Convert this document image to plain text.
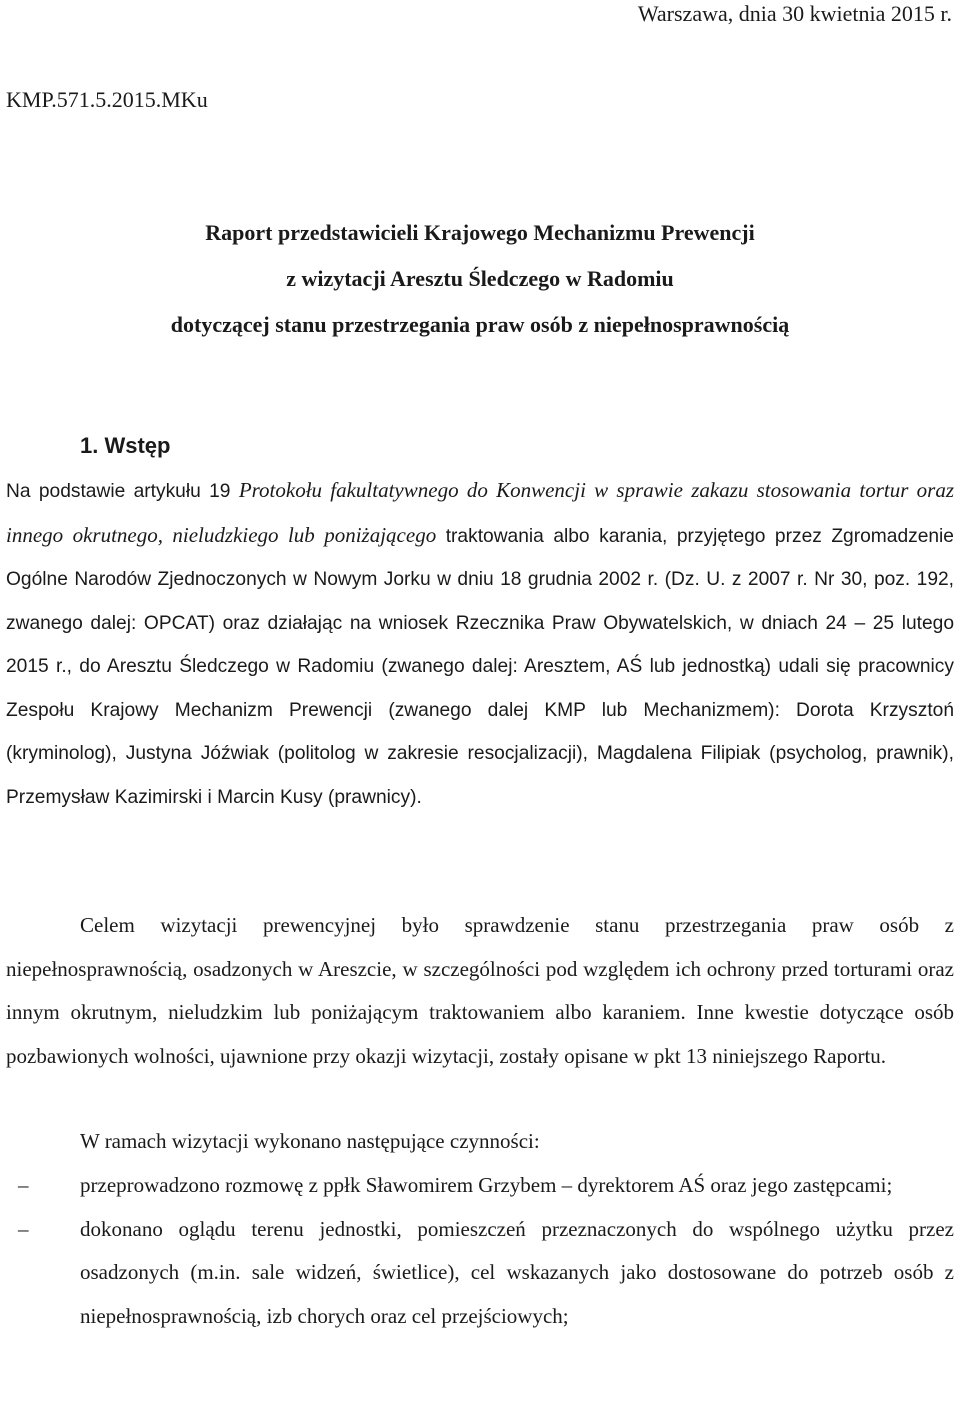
Warszawa, dnia 30 kwietnia 2015 r.
KMP.571.5.2015.MKu
Raport przedstawicieli Krajowego Mechanizmu Prewencji
z wizytacji Aresztu Śledczego w Radomiu
dotyczącej stanu przestrzegania praw osób z niepełnosprawnością
1. Wstęp

Na podstawie artykułu 19 Protokołu fakultatywnego do Konwencji w sprawie zakazu stosowania tortur oraz innego okrutnego, nieludzkiego lub poniżającego traktowania albo karania, przyjętego przez Zgromadzenie Ogólne Narodów Zjednoczonych w Nowym Jorku w dniu 18 grudnia 2002 r. (Dz. U. z 2007 r. Nr 30, poz. 192, zwanego dalej: OPCAT) oraz działając na wniosek Rzecznika Praw Obywatelskich, w dniach 24 – 25 lutego 2015 r., do Aresztu Śledczego w Radomiu (zwanego dalej: Aresztem, AŚ lub jednostką) udali się pracownicy Zespołu Krajowy Mechanizm Prewencji (zwanego dalej KMP lub Mechanizmem): Dorota Krzysztoń (kryminolog), Justyna Jóźwiak (politolog w zakresie resocjalizacji), Magdalena Filipiak (psycholog, prawnik), Przemysław Kazimirski i Marcin Kusy (prawnicy).

Celem wizytacji prewencyjnej było sprawdzenie stanu przestrzegania praw osób z niepełnosprawnością, osadzonych w Areszcie, w szczególności pod względem ich ochrony przed torturami oraz innym okrutnym, nieludzkim lub poniżającym traktowaniem albo karaniem. Inne kwestie dotyczące osób pozbawionych wolności, ujawnione przy okazji wizytacji, zostały opisane w pkt 13 niniejszego Raportu.

W ramach wizytacji wykonano następujące czynności:

– przeprowadzono rozmowę z ppłk Sławomirem Grzybem – dyrektorem AŚ oraz jego zastępcami;
– dokonano oglądu terenu jednostki, pomieszczeń przeznaczonych do wspólnego użytku przez osadzonych (m.in. sale widzeń, świetlice), cel wskazanych jako dostosowane do potrzeb osób z niepełnosprawnością, izb chorych oraz cel przejściowych;
